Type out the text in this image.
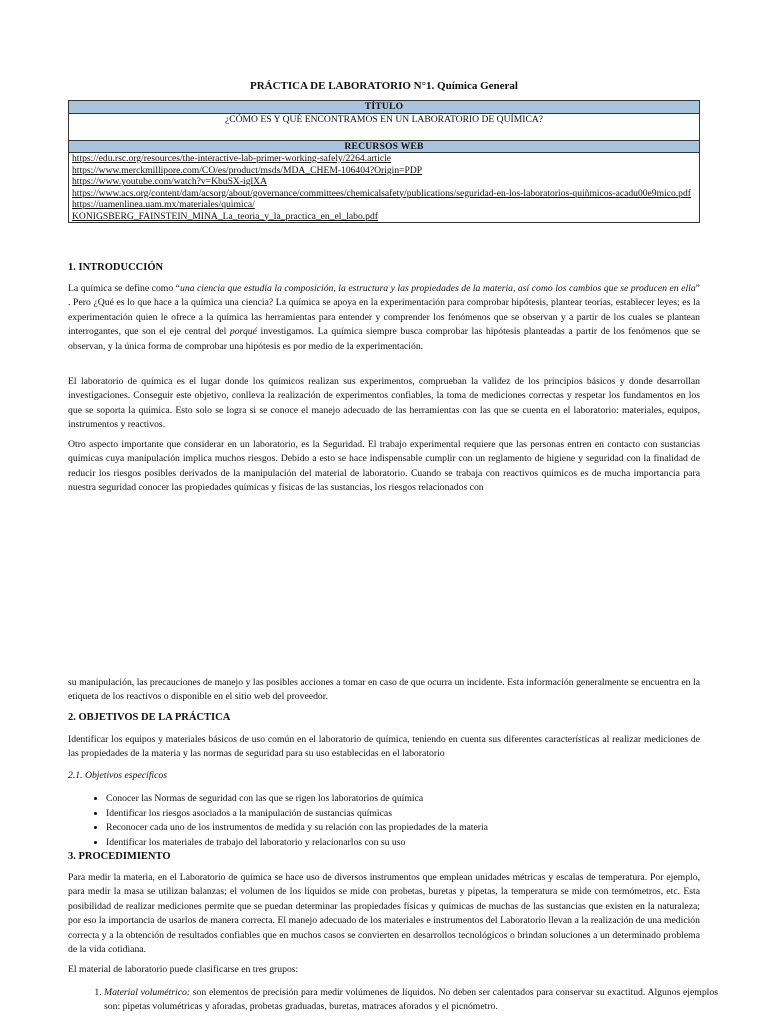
PRÁCTICA DE LABORATORIO N°1. Química General
TÍTULO
¿CÓMO ES Y QUÉ ENCONTRAMOS EN UN LABORATORIO DE QUÍMICA?
RECURSOS WEB

https://edu.rsc.org/resources/the-interactive-lab-primer-working-safely/2264.article
https://www.merckmillipore.com/CO/es/product/msds/MDA_CHEM-106404?Origin=PDP
https://www.youtube.com/watch?v=KbuSX-iglXA
https://www.acs.org/content/dam/acsorg/about/governance/committees/chemicalsafety/publications/seguridad-en-los-laboratorios-quiñmicos-acadu00e9mico.pdf
https://uamenlinea.uam.mx/materiales/quimica/
KONIGSBERG_FAINSTEIN_MINA_La_teoria_y_la_practica_en_el_labo.pdf
1. INTRODUCCIÓN

La química se define como “una ciencia que estudia la composición, la estructura y las propiedades de la materia, así como los cambios que se producen en ella” . Pero ¿Qué es lo que hace a la química una ciencia? La química se apoya en la experimentación para comprobar hipótesis, plantear teorías, establecer leyes; es la experimentación quien le ofrece a la química las herramientas para entender y comprender los fenómenos que se observan y a partir de los cuales se plantean interrogantes, que son el eje central del porqué investigamos. La química siempre busca comprobar las hipótesis planteadas a partir de los fenómenos que se observan, y la única forma de comprobar una hipótesis es por medio de la experimentación.

El laboratorio de química es el lugar donde los químicos realizan sus experimentos, comprueban la validez de los principios básicos y donde desarrollan investigaciones. Conseguir este objetivo, conlleva la realización de experimentos confiables, la toma de mediciones correctas y respetar los fundamentos en los que se soporta la química. Esto solo se logra si se conoce el manejo adecuado de las herramientas con las que se cuenta en el laboratorio: materiales, equipos, instrumentos y reactivos.

Otro aspecto importante que considerar en un laboratorio, es la Seguridad. El trabajo experimental requiere que las personas entren en contacto con sustancias químicas cuya manipulación implica muchos riesgos. Debido a esto se hace indispensable cumplir con un reglamento de higiene y seguridad con la finalidad de reducir los riesgos posibles derivados de la manipulación del material de laboratorio. Cuando se trabaja con reactivos químicos es de mucha importancia para nuestra seguridad conocer las propiedades químicas y físicas de las sustancias, los riesgos relacionados con

su manipulación, las precauciones de manejo y las posibles acciones a tomar en caso de que ocurra un incidente. Esta información generalmente se encuentra en la etiqueta de los reactivos o disponible en el sitio web del proveedor.

2. OBJETIVOS DE LA PRÁCTICA

Identificar los equipos y materiales básicos de uso común en el laboratorio de química, teniendo en cuenta sus diferentes características al realizar mediciones de las propiedades de la materia y las normas de seguridad para su uso establecidas en el laboratorio

2.1. Objetivos específicos

• Conocer las Normas de seguridad con las que se rigen los laboratorios de química
• Identificar los riesgos asociados a la manipulación de sustancias químicas
• Reconocer cada uno de los instrumentos de medida y su relación con las propiedades de la materia
• Identificar los materiales de trabajo del laboratorio y relacionarlos con su uso
3. PROCEDIMIENTO

Para medir la materia, en el Laboratorio de química se hace uso de diversos instrumentos que emplean unidades métricas y escalas de temperatura. Por ejemplo, para medir la masa se utilizan balanzas; el volumen de los líquidos se mide con probetas, buretas y pipetas, la temperatura se mide con termómetros, etc. Esta posibilidad de realizar mediciones permite que se puedan determinar las propiedades físicas y químicas de muchas de las sustancias que existen en la naturaleza; por eso la importancia de usarlos de manera correcta. El manejo adecuado de los materiales e instrumentos del Laboratorio llevan a la realización de una medición correcta y a la obtención de resultados confiables que en muchos casos se convierten en desarrollos tecnológicos o brindan soluciones a un determinado problema de la vida cotidiana.

El material de laboratorio puede clasificarse en tres grupos:

1. Material volumétrico: son elementos de precisión para medir volúmenes de líquidos. No deben ser calentados para conservar su exactitud. Algunos ejemplos son: pipetas volumétricas y aforadas, probetas graduadas, buretas, matraces aforados y el picnómetro.
